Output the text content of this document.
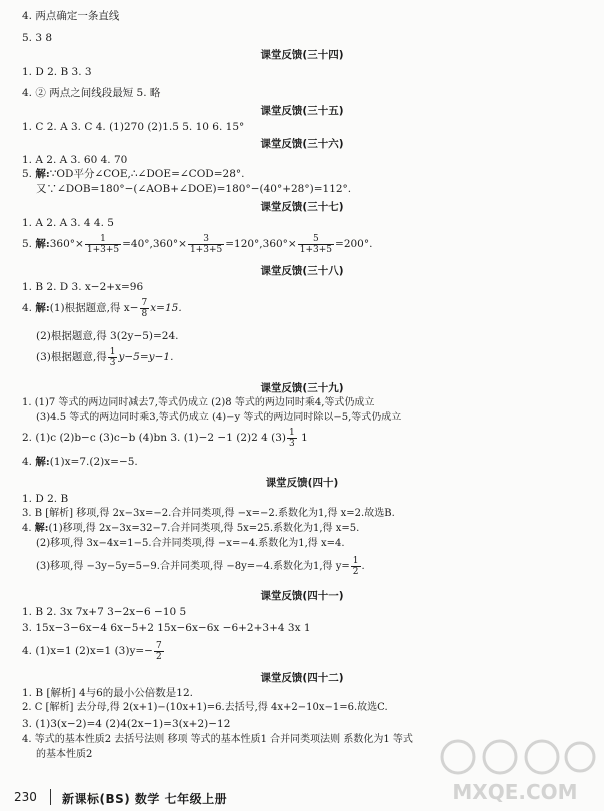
4. 两点确定一条直线
5. 3 8
课堂反馈(三十四)
1. D 2. B 3. 3
4. ② 两点之间线段最短 5. 略
课堂反馈(三十五)
1. C 2. A 3. C 4. (1)270 (2)1.5 5. 10 6. 15°
课堂反馈(三十六)
1. A 2. A 3. 60 4. 70
5. 解:∵OD平分∠COE,∴∠DOE=∠COD=28°.
又∵∠DOB=180°−(∠AOB+∠DOE)=180°−(40°+28°)=112°.
课堂反馈(三十七)
1. A 2. A 3. 4 4. 5
5. 解:360°× $\frac{1}{1+3+5} =40^\circ,360^\circ\times \frac{3}{1+3+5} =120^\circ,360^\circ\times \frac{5}{1+3+5} =200^\circ$.
课堂反馈(三十八)
1. B 2. D 3. x−2+x=96
4. 解:(1)根据题意,得 $x- \frac{7}{8} x=15$.
(2)根据题意,得 3(2y−5)=24.
(3)根据题意,得 $\frac{1}{3} y-5=y-1$.
课堂反馈(三十九)
1. (1)7 等式的两边同时减去7,等式仍成立 (2)8 等式的两边同时乘4,等式仍成立
(3)4.5 等式的两边同时乘3,等式仍成立 (4)−y 等式的两边同时除以−5,等式仍成立
2. (1)c (2)b−c (3)c−b (4)bn 3. (1)−2 −1 (2)2 4 $(3) \frac{1}{3} 1$
4. 解:(1)x=7.(2)x=−5.
课堂反馈(四十)
1. D 2. B
3. B [解析] 移项,得 2x−3x=−2.合并同类项,得 −x=−2.系数化为1,得 x=2.故选B.
4. 解:(1)移项,得 2x−3x=32−7.合并同类项,得 5x=25.系数化为1,得 x=5.
(2)移项,得 3x−4x=1−5.合并同类项,得 −x=−4.系数化为1,得 x=4.
(3)移项,得 −3y−5y=5−9.合并同类项,得 −8y=−4.系数化为1,得 $y= \frac{1}{2}$ .
课堂反馈(四十一)
1. B 2. 3x 7x+7 3−2x−6 −10 5
3. 15x−3−6x−4 6x−5+2 15x−6x−6x −6+2+3+4 3x 1
4. (1)x=1 (2)x=1 $(3)y=- \frac{7}{2}$
课堂反馈(四十二)
1. B [解析] 4与6的最小公倍数是12.
2. C [解析] 去分母,得 2(x+1)−(10x+1)=6.去括号,得 4x+2−10x−1=6.故选C.
3. (1)3(x−2)=4 (2)4(2x−1)=3(x+2)−12
4. 等式的基本性质2 去括号法则 移项 等式的基本性质1 合并同类项法则 系数化为1 等式
的基本性质2
MXQE.COM
230 新课标(BS) 数学 七年级上册
